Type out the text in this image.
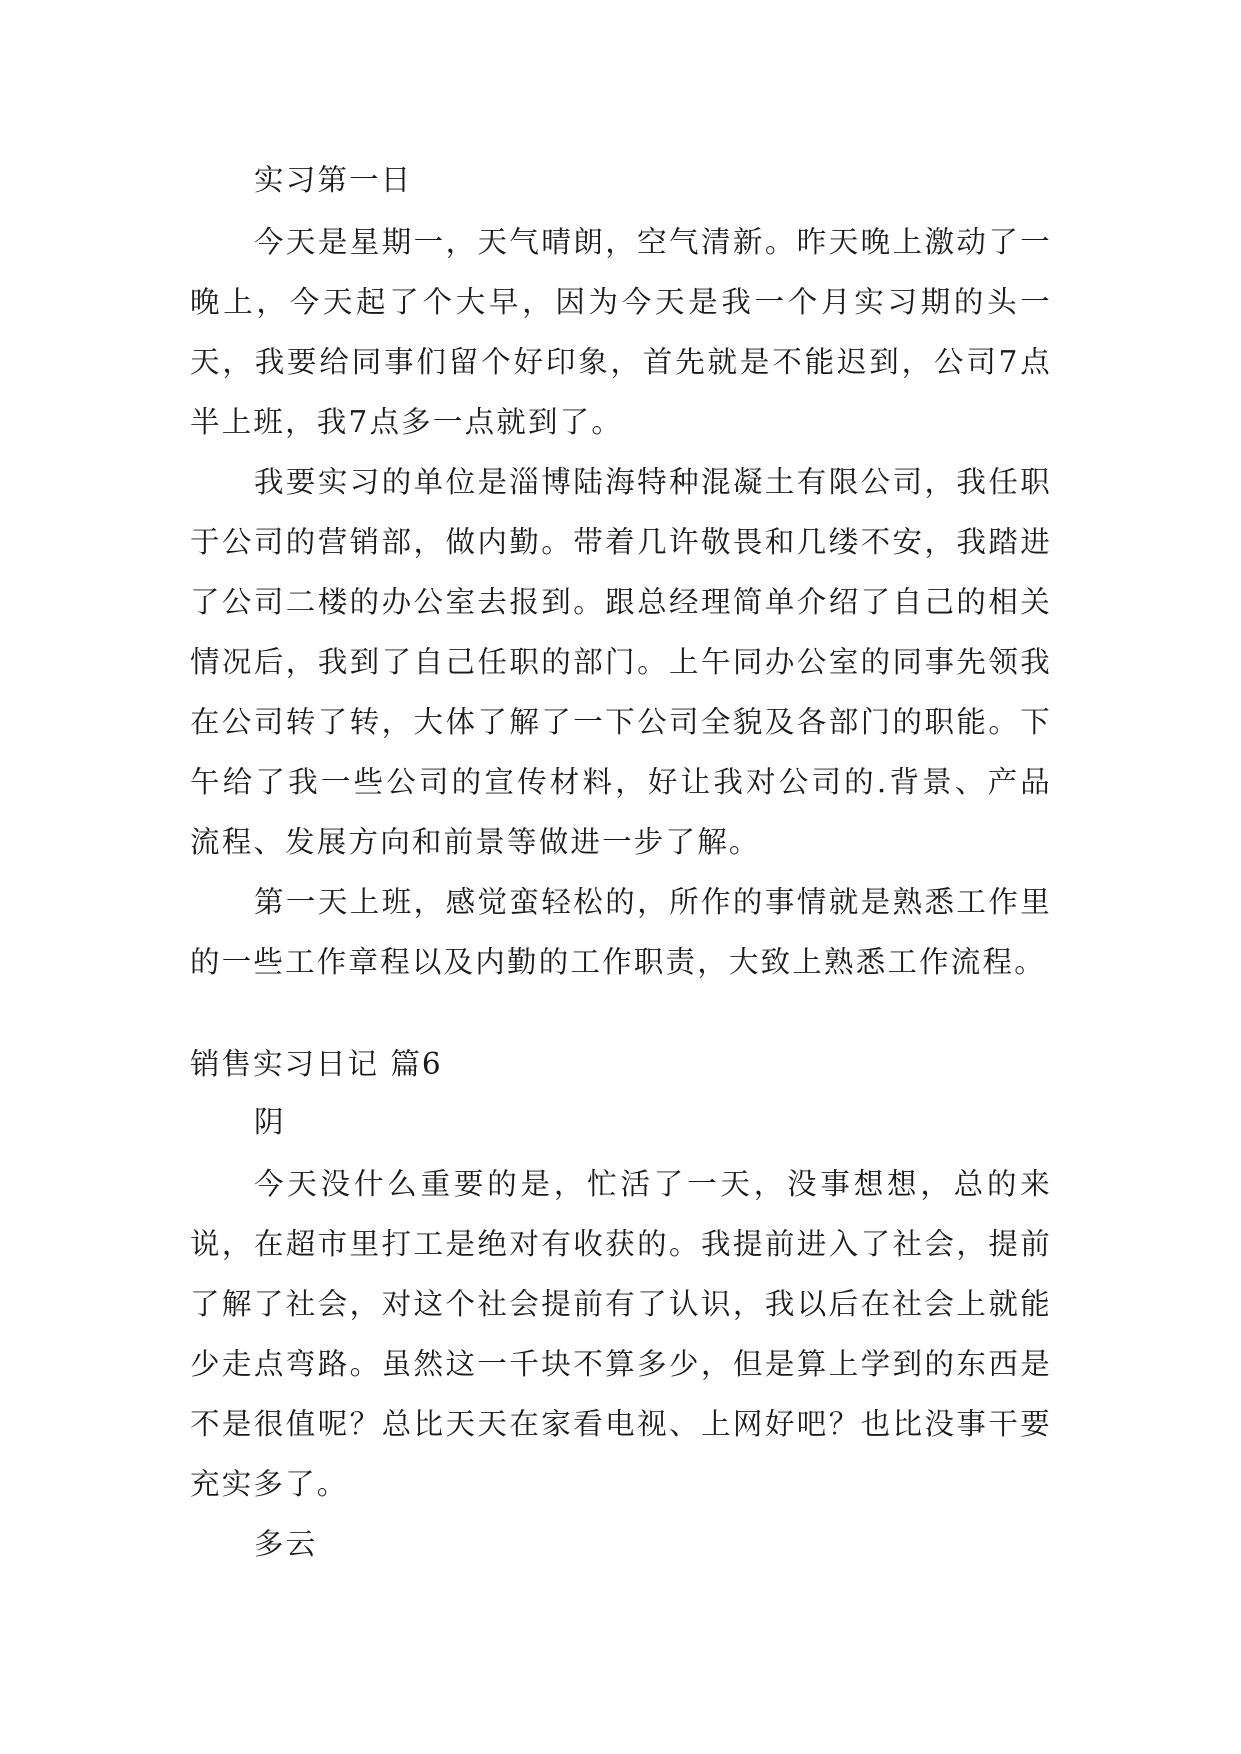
实习第一日

今天是星期一，天气晴朗，空气清新。昨天晚上激动了一晚上，今天起了个大早，因为今天是我一个月实习期的头一天，我要给同事们留个好印象，首先就是不能迟到，公司7点半上班，我7点多一点就到了。

我要实习的单位是淄博陆海特种混凝土有限公司，我任职于公司的营销部，做内勤。带着几许敬畏和几缕不安，我踏进了公司二楼的办公室去报到。跟总经理简单介绍了自己的相关情况后，我到了自己任职的部门。上午同办公室的同事先领我在公司转了转，大体了解了一下公司全貌及各部门的职能。下午给了我一些公司的宣传材料，好让我对公司的.背景、产品流程、发展方向和前景等做进一步了解。

第一天上班，感觉蛮轻松的，所作的事情就是熟悉工作里的一些工作章程以及内勤的工作职责，大致上熟悉工作流程。

销售实习日记 篇6

阴

今天没什么重要的是，忙活了一天，没事想想，总的来说，在超市里打工是绝对有收获的。我提前进入了社会，提前了解了社会，对这个社会提前有了认识，我以后在社会上就能少走点弯路。虽然这一千块不算多少，但是算上学到的东西是不是很值呢？总比天天在家看电视、上网好吧？也比没事干要充实多了。

多云
